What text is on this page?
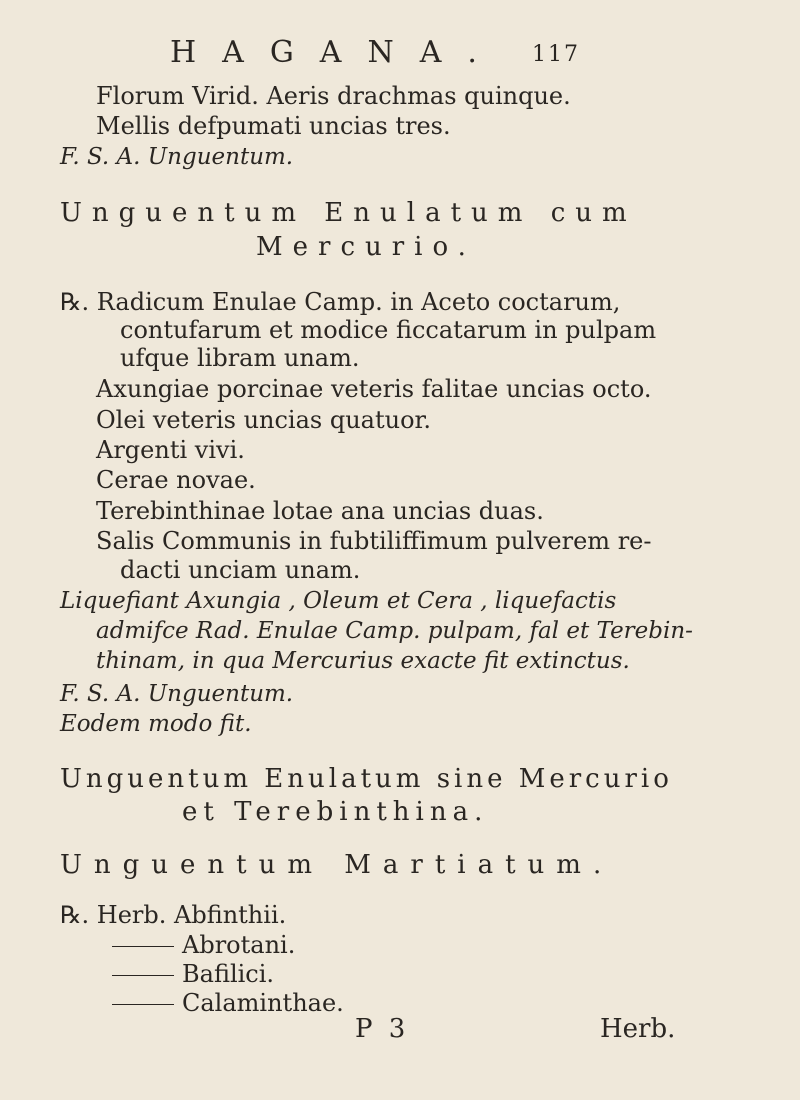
HAGANA. 117
Florum Virid. Aeris drachmas quinque.
Mellis defpumati uncias tres.
F. S. A. Unguentum.
Unguentum Enulatum cum
Mercurio.
℞. Radicum Enulae Camp. in Aceto coctarum,
contufarum et modice ficcatarum in pulpam
ufque libram unam.
Axungiae porcinae veteris falitae uncias octo.
Olei veteris uncias quatuor.
Argenti vivi.
Cerae novae.
Terebinthinae lotae ana uncias duas.
Salis Communis in fubtiliffimum pulverem re-
dacti unciam unam.
Liquefiant Axungia , Oleum et Cera , liquefactis
admifce Rad. Enulae Camp. pulpam, fal et Terebin-
thinam, in qua Mercurius exacte fit extinctus.
F. S. A. Unguentum.
Eodem modo fit.
Unguentum Enulatum sine Mercurio
et Terebinthina.
Unguentum Martiatum.
℞. Herb. Abfinthii.
Abrotani.
Bafilici.
Calaminthae.
P 3	Herb.
